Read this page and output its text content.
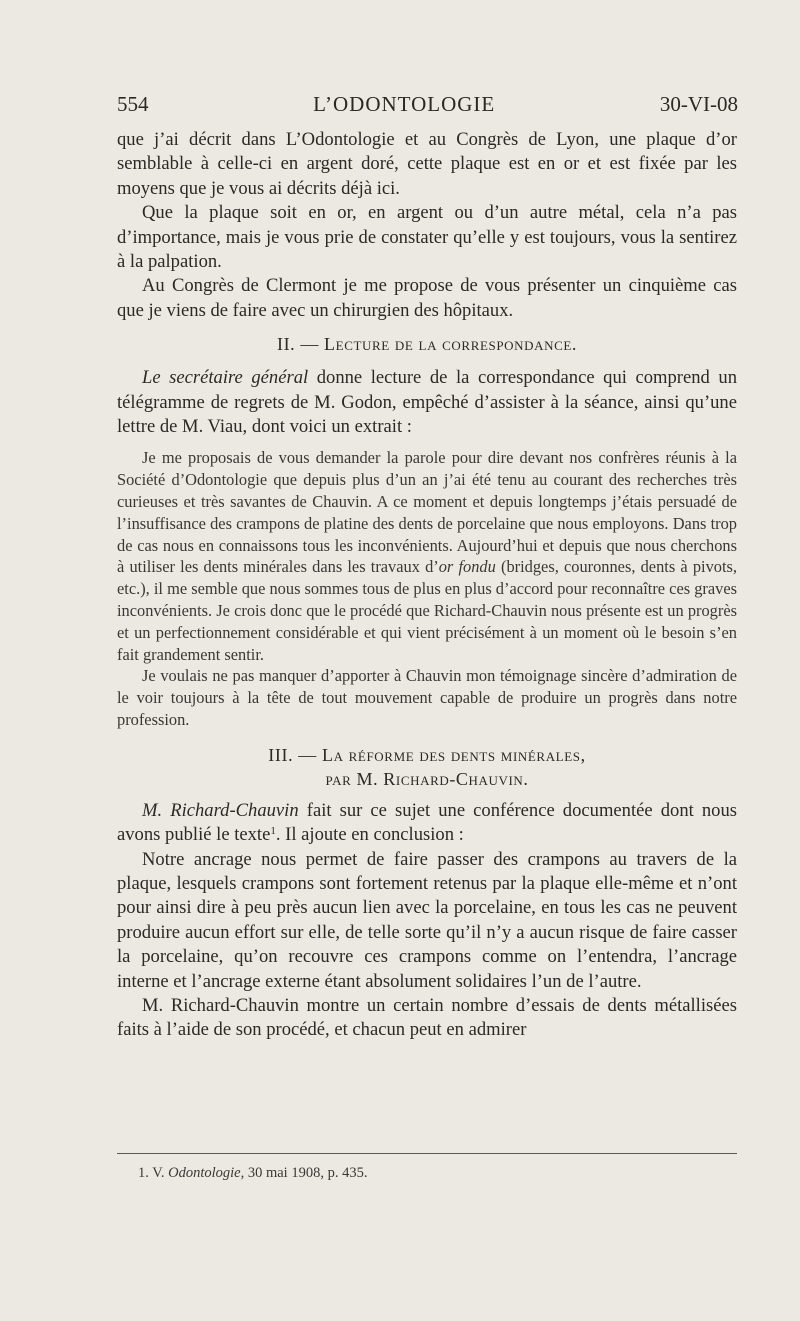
554	L’ODONTOLOGIE	30-VI-08

que j’ai décrit dans L’Odontologie et au Congrès de Lyon, une plaque d’or semblable à celle-ci en argent doré, cette plaque est en or et est fixée par les moyens que je vous ai décrits déjà ici.

Que la plaque soit en or, en argent ou d’un autre métal, cela n’a pas d’importance, mais je vous prie de constater qu’elle y est toujours, vous la sentirez à la palpation.

Au Congrès de Clermont je me propose de vous présenter un cinquième cas que je viens de faire avec un chirurgien des hôpitaux.

II. — Lecture de la correspondance.

Le secrétaire général donne lecture de la correspondance qui comprend un télégramme de regrets de M. Godon, empêché d’assister à la séance, ainsi qu’une lettre de M. Viau, dont voici un extrait :

Je me proposais de vous demander la parole pour dire devant nos confrères réunis à la Société d’Odontologie que depuis plus d’un an j’ai été tenu au courant des recherches très curieuses et très savantes de Chauvin. A ce moment et depuis longtemps j’étais persuadé de l’insuffisance des crampons de platine des dents de porcelaine que nous employons. Dans trop de cas nous en connaissons tous les inconvénients. Aujourd’hui et depuis que nous cherchons à utiliser les dents minérales dans les travaux d’or fondu (bridges, couronnes, dents à pivots, etc.), il me semble que nous sommes tous de plus en plus d’accord pour reconnaître ces graves inconvénients. Je crois donc que le procédé que Richard-Chauvin nous présente est un progrès et un perfectionnement considérable et qui vient précisément à un moment où le besoin s’en fait grandement sentir.

Je voulais ne pas manquer d’apporter à Chauvin mon témoignage sincère d’admiration de le voir toujours à la tête de tout mouvement capable de produire un progrès dans notre profession.

III. — La réforme des dents minérales,
par M. Richard-Chauvin.

M. Richard-Chauvin fait sur ce sujet une conférence documentée dont nous avons publié le texte$^1$. Il ajoute en conclusion :

Notre ancrage nous permet de faire passer des crampons au travers de la plaque, lesquels crampons sont fortement retenus par la plaque elle-même et n’ont pour ainsi dire à peu près aucun lien avec la porcelaine, en tous les cas ne peuvent produire aucun effort sur elle, de telle sorte qu’il n’y a aucun risque de faire casser la porcelaine, qu’on recouvre ces crampons comme on l’entendra, l’ancrage interne et l’ancrage externe étant absolument solidaires l’un de l’autre.

M. Richard-Chauvin montre un certain nombre d’essais de dents métallisées faits à l’aide de son procédé, et chacun peut en admirer

1. V. Odontologie, 30 mai 1908, p. 435.
